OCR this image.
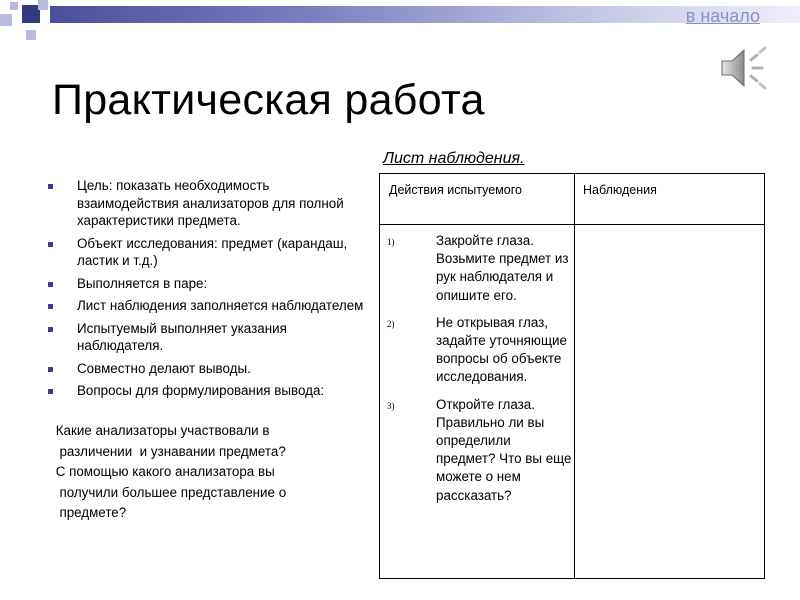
в начало
Практическая работа
Цель: показать необходимость взаимодействия анализаторов для полной характеристики предмета.
Объект исследования: предмет (карандаш, ластик и т.д.)
Выполняется в паре:
Лист наблюдения заполняется наблюдателем
Испытуемый выполняет указания наблюдателя.
Совместно делают выводы.
Вопросы для формулирования вывода:
Какие анализаторы участвовали в
различении  и узнавании предмета?
С помощью какого анализатора вы
получили большее представление о
предмете?
Лист наблюдения.
Действия испытуемого	Наблюдения
1)	Закройте глаза. Возьмите предмет из рук наблюдателя и опишите его.
2)	Не открывая глаз, задайте уточняющие вопросы об объекте исследования.
3)	Откройте глаза. Правильно ли вы определили предмет? Что вы еще можете о нем рассказать?
